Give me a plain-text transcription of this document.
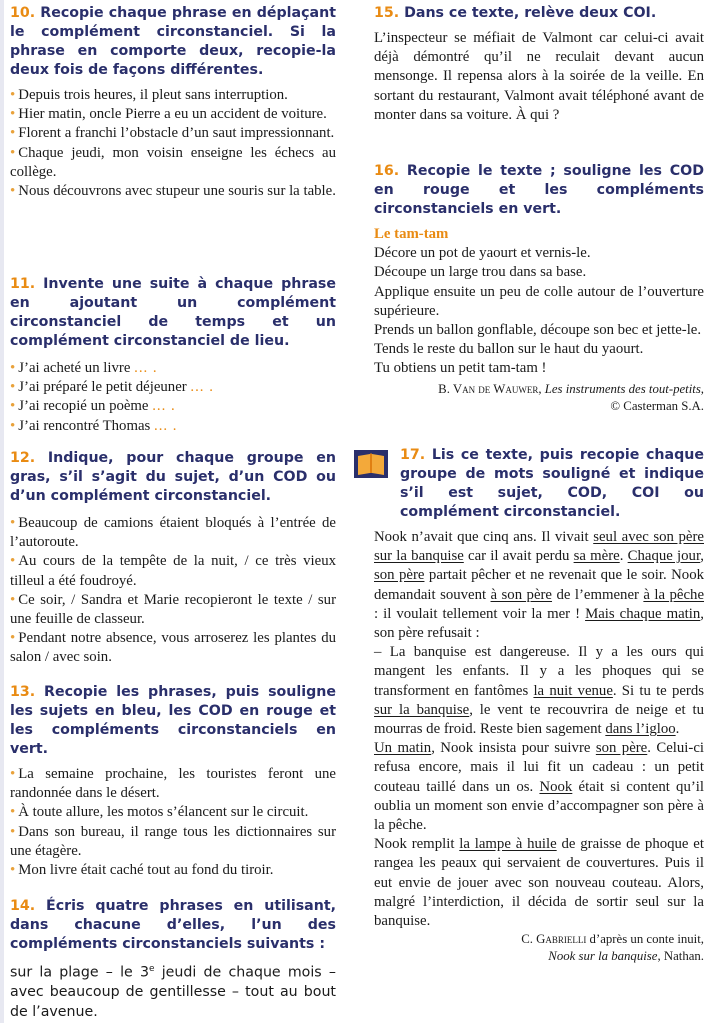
10. Recopie chaque phrase en déplaçant le complément circonstanciel. Si la phrase en comporte deux, recopie-la deux fois de façons différentes.

• Depuis trois heures, il pleut sans interruption.

• Hier matin, oncle Pierre a eu un accident de voiture.

• Florent a franchi l’obstacle d’un saut impressionnant.

• Chaque jeudi, mon voisin enseigne les échecs au collège.

• Nous découvrons avec stupeur une souris sur la table.

11. Invente une suite à chaque phrase en ajoutant un complément circonstanciel de temps et un complément circonstanciel de lieu.

• J’ai acheté un livre ... .

• J’ai préparé le petit déjeuner ... .

• J’ai recopié un poème ... .

• J’ai rencontré Thomas ... .

12. Indique, pour chaque groupe en gras, s’il s’agit du sujet, d’un COD ou d’un complément circonstanciel.

• Beaucoup de camions étaient bloqués à l’entrée de l’autoroute.

• Au cours de la tempête de la nuit, / ce très vieux tilleul a été foudroyé.

• Ce soir, / Sandra et Marie recopieront le texte / sur une feuille de classeur.

• Pendant notre absence, vous arroserez les plantes du salon / avec soin.

13. Recopie les phrases, puis souligne les sujets en bleu, les COD en rouge et les compléments circonstanciels en vert.

• La semaine prochaine, les touristes feront une randonnée dans le désert.

• À toute allure, les motos s’élancent sur le circuit.

• Dans son bureau, il range tous les dictionnaires sur une étagère.

• Mon livre était caché tout au fond du tiroir.

14. Écris quatre phrases en utilisant, dans chacune d’elles, l’un des compléments circonstanciels suivants :

sur la plage – le 3e jeudi de chaque mois – avec beaucoup de gentillesse – tout au bout de l’avenue.

15. Dans ce texte, relève deux COI.

L’inspecteur se méfiait de Valmont car celui-ci avait déjà démontré qu’il ne reculait devant aucun mensonge. Il repensa alors à la soirée de la veille. En sortant du restaurant, Valmont avait téléphoné avant de monter dans sa voiture. À qui ?

16. Recopie le texte ; souligne les COD en rouge et les compléments circonstanciels en vert.

Le tam-tam

Décore un pot de yaourt et vernis-le.

Découpe un large trou dans sa base.

Applique ensuite un peu de colle autour de l’ouverture supérieure.

Prends un ballon gonflable, découpe son bec et jette-le.

Tends le reste du ballon sur le haut du yaourt.

Tu obtiens un petit tam-tam !

B. Van de Wauwer, Les instruments des tout-petits,

© Casterman S.A.

17. Lis ce texte, puis recopie chaque groupe de mots souligné et indique s’il est sujet, COD, COI ou complément circonstanciel.

Nook n’avait que cinq ans. Il vivait seul avec son père sur la banquise car il avait perdu sa mère. Chaque jour, son père partait pêcher et ne revenait que le soir. Nook demandait souvent à son père de l’emmener à la pêche : il voulait tellement voir la mer ! Mais chaque matin, son père refusait :
– La banquise est dangereuse. Il y a les ours qui mangent les enfants. Il y a les phoques qui se transforment en fantômes la nuit venue. Si tu te perds sur la banquise, le vent te recouvrira de neige et tu mourras de froid. Reste bien sagement dans l’igloo.
Un matin, Nook insista pour suivre son père. Celui-ci refusa encore, mais il lui fit un cadeau : un petit couteau taillé dans un os. Nook était si content qu’il oublia un moment son envie d’accompagner son père à la pêche.
Nook remplit la lampe à huile de graisse de phoque et rangea les peaux qui servaient de couvertures. Puis il eut envie de jouer avec son nouveau couteau. Alors, malgré l’interdiction, il décida de sortir seul sur la banquise.

C. Gabrielli d’après un conte inuit,

Nook sur la banquise, Nathan.
